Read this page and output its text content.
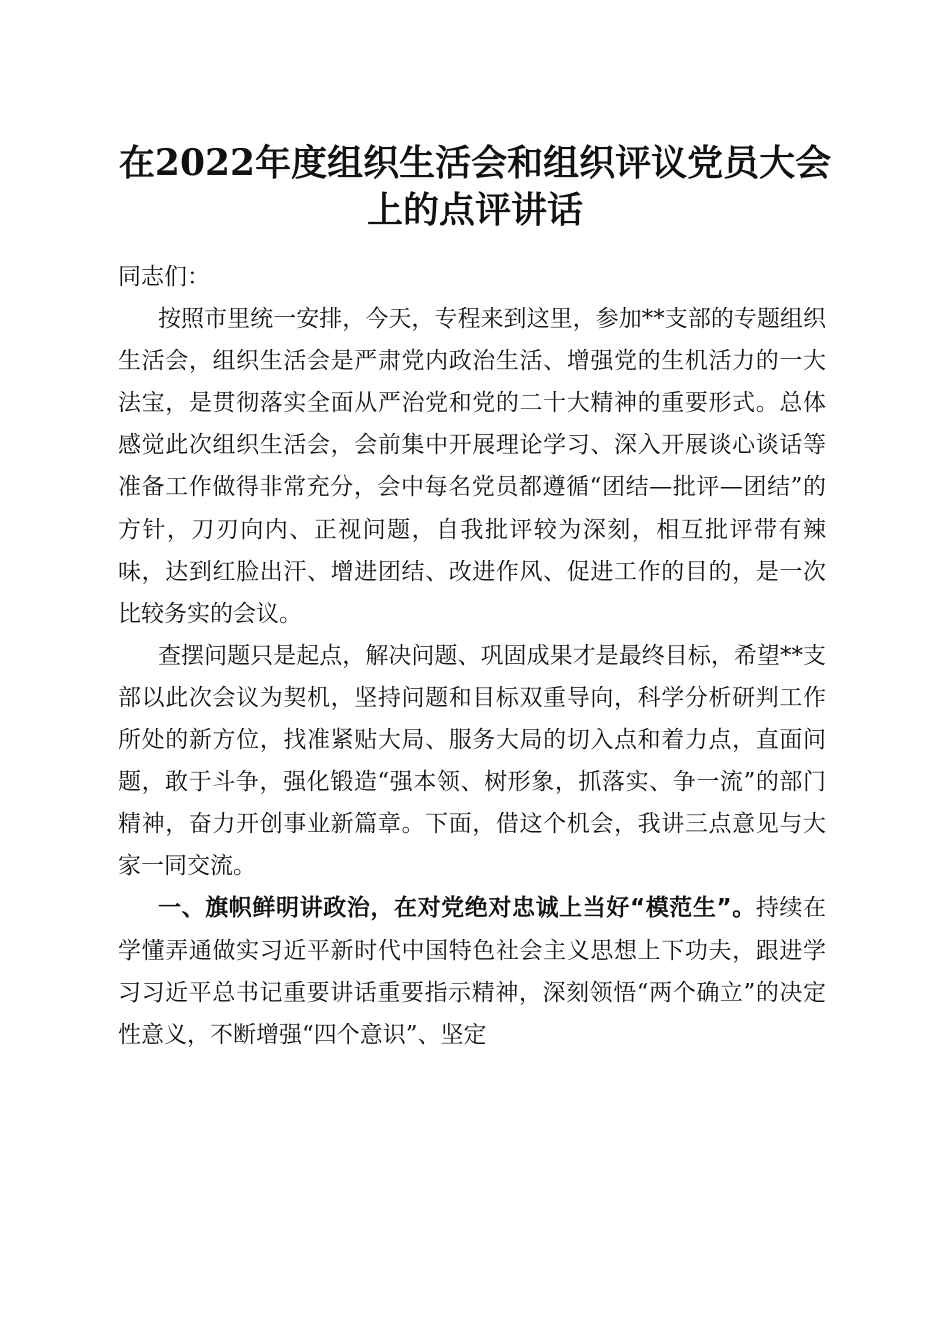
在2022年度组织生活会和组织评议党员大会
上的点评讲话

同志们：

按照市里统一安排，今天，专程来到这里，参加**支部的专题组织生活会，组织生活会是严肃党内政治生活、增强党的生机活力的一大法宝，是贯彻落实全面从严治党和党的二十大精神的重要形式。总体感觉此次组织生活会，会前集中开展理论学习、深入开展谈心谈话等准备工作做得非常充分，会中每名党员都遵循“团结—批评—团结”的方针，刀刃向内、正视问题，自我批评较为深刻，相互批评带有辣味，达到红脸出汗、增进团结、改进作风、促进工作的目的，是一次比较务实的会议。

查摆问题只是起点，解决问题、巩固成果才是最终目标，希望**支部以此次会议为契机，坚持问题和目标双重导向，科学分析研判工作所处的新方位，找准紧贴大局、服务大局的切入点和着力点，直面问题，敢于斗争，强化锻造“强本领、树形象，抓落实、争一流”的部门精神，奋力开创事业新篇章。下面，借这个机会，我讲三点意见与大家一同交流。

一、旗帜鲜明讲政治，在对党绝对忠诚上当好“模范生”。持续在学懂弄通做实习近平新时代中国特色社会主义思想上下功夫，跟进学习习近平总书记重要讲话重要指示精神，深刻领悟“两个确立”的决定性意义，不断增强“四个意识”、坚定
